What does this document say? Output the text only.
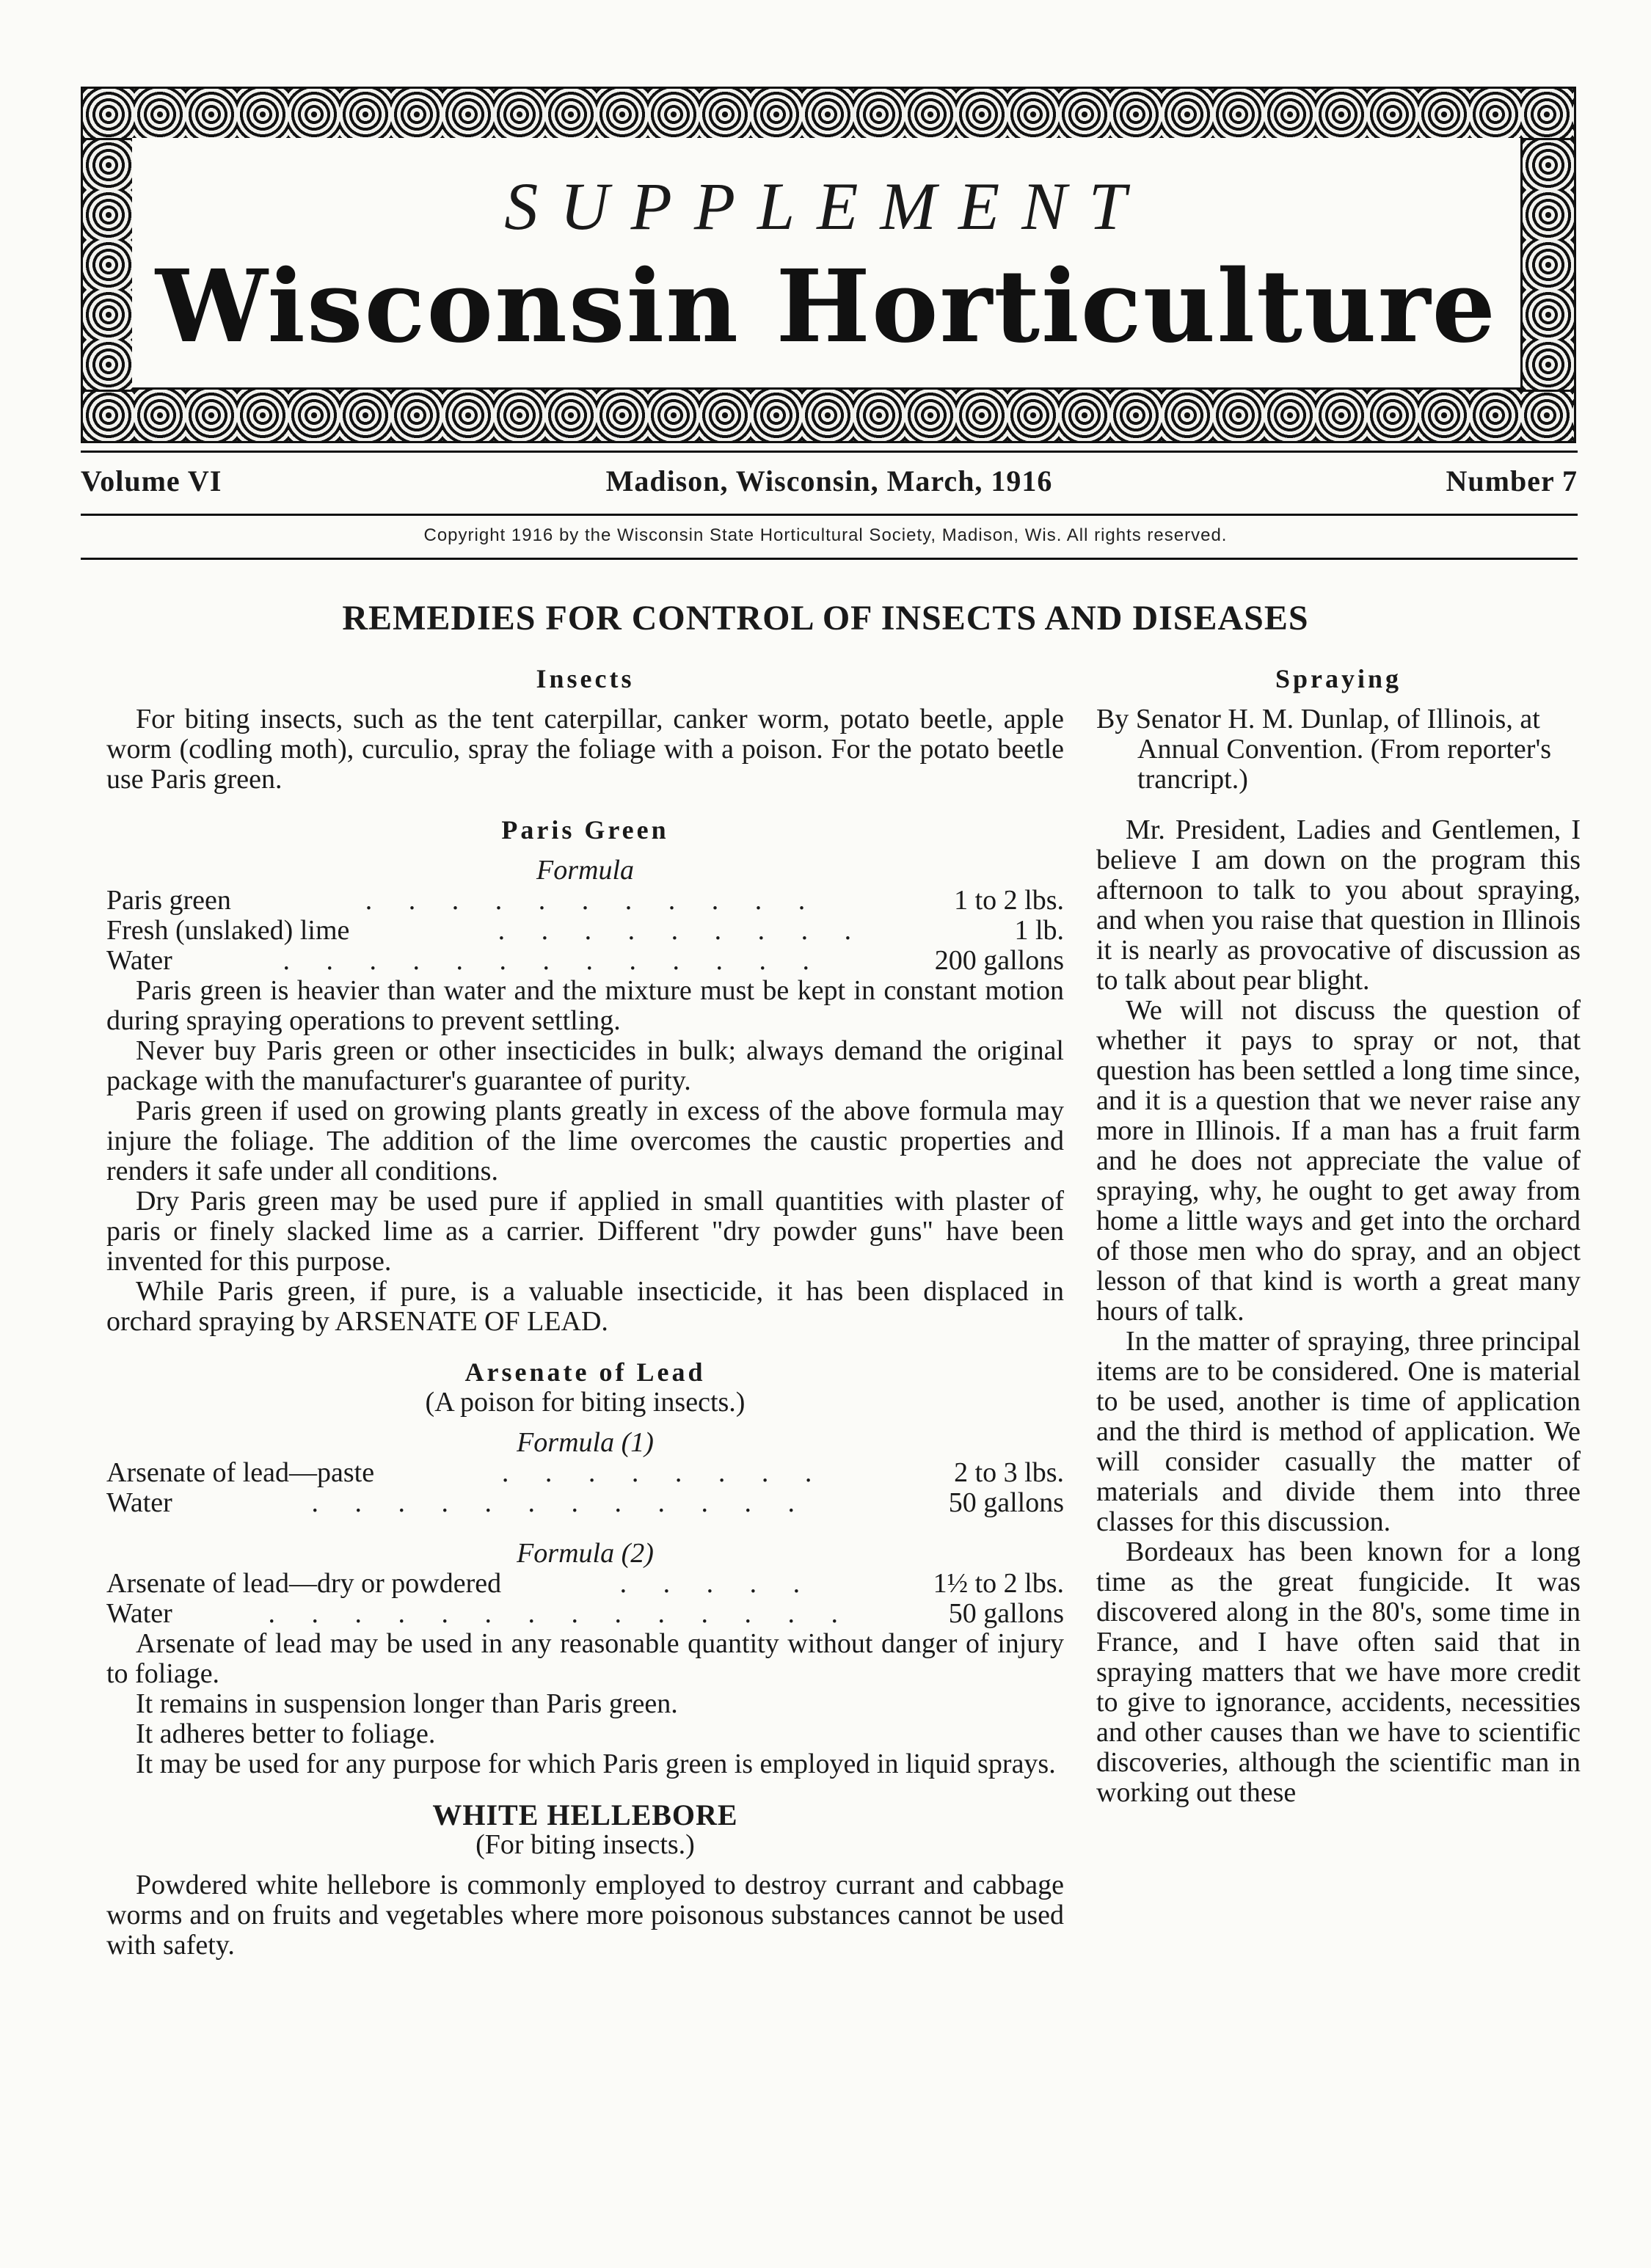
SUPPLEMENT
Wisconsin Horticulture
Volume VI	Madison, Wisconsin, March, 1916	Number 7
Copyright 1916 by the Wisconsin State Horticultural Society, Madison, Wis. All rights reserved.
REMEDIES FOR CONTROL OF INSECTS AND DISEASES
Insects

For biting insects, such as the tent caterpillar, canker worm, potato beetle, apple worm (codling moth), curculio, spray the foliage with a poison. For the potato beetle use Paris green.

Paris Green
Formula
Paris green	. . . . . . . . . . .	1 to 2 lbs.
Fresh (unslaked) lime	. . . . . . . . .	1 lb.
Water	. . . . . . . . . . . . .	200 gallons

Paris green is heavier than water and the mixture must be kept in constant motion during spraying operations to prevent settling.

Never buy Paris green or other insecticides in bulk; always demand the original package with the manufacturer's guarantee of purity.

Paris green if used on growing plants greatly in excess of the above formula may injure the foliage. The addition of the lime overcomes the caustic properties and renders it safe under all conditions.

Dry Paris green may be used pure if applied in small quantities with plaster of paris or finely slacked lime as a carrier. Different "dry powder guns" have been invented for this purpose.

While Paris green, if pure, is a valuable insecticide, it has been displaced in orchard spraying by ARSENATE OF LEAD.

Arsenate of Lead
(A poison for biting insects.)
Formula (1)
Arsenate of lead—paste	. . . . . . . .	2 to 3 lbs.
Water	. . . . . . . . . . . .	50 gallons
Formula (2)
Arsenate of lead—dry or powdered	. . . . .	1½ to 2 lbs.
Water	. . . . . . . . . . . . . .	50 gallons

Arsenate of lead may be used in any reasonable quantity without danger of injury to foliage.

It remains in suspension longer than Paris green.

It adheres better to foliage.

It may be used for any purpose for which Paris green is employed in liquid sprays.

WHITE HELLEBORE
(For biting insects.)

Powdered white hellebore is commonly employed to destroy currant and cabbage worms and on fruits and vegetables where more poisonous substances cannot be used with safety.

Spraying

By Senator H. M. Dunlap, of Illinois, at Annual Convention. (From reporter's trancript.)

Mr. President, Ladies and Gentlemen, I believe I am down on the program this afternoon to talk to you about spraying, and when you raise that question in Illinois it is nearly as provocative of discussion as to talk about pear blight.

We will not discuss the question of whether it pays to spray or not, that question has been settled a long time since, and it is a question that we never raise any more in Illinois. If a man has a fruit farm and he does not appreciate the value of spraying, why, he ought to get away from home a little ways and get into the orchard of those men who do spray, and an object lesson of that kind is worth a great many hours of talk.

In the matter of spraying, three principal items are to be considered. One is material to be used, another is time of application and the third is method of application. We will consider casually the matter of materials and divide them into three classes for this discussion.

Bordeaux has been known for a long time as the great fungicide. It was discovered along in the 80's, some time in France, and I have often said that in spraying matters that we have more credit to give to ignorance, accidents, necessities and other causes than we have to scientific discoveries, although the scientific man in working out these
